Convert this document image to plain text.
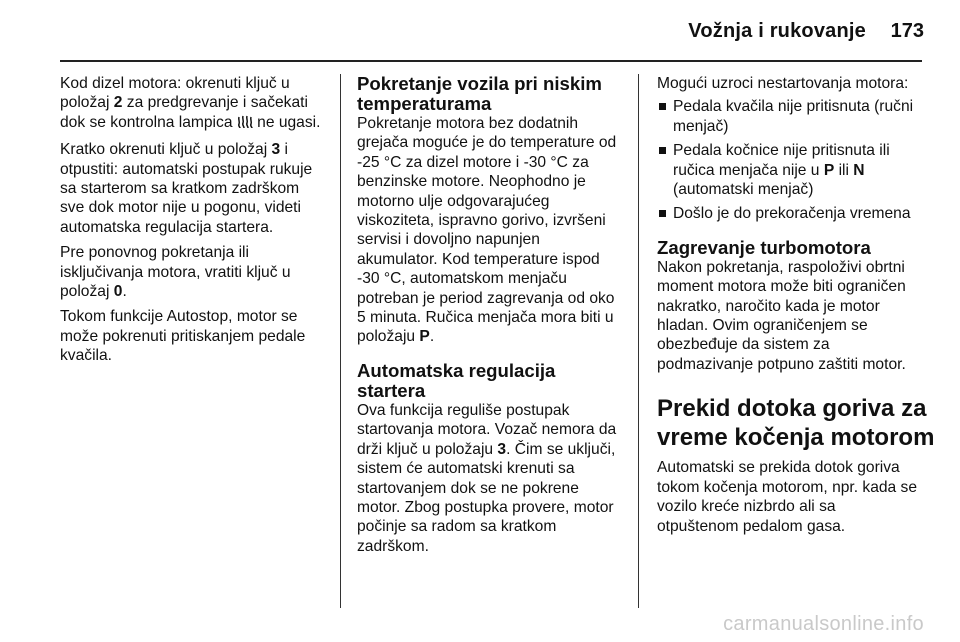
Vožnja i rukovanje 173

Kod dizel motora: okrenuti ključ u
položaj 2 za predgrevanje i sačekati
dok se kontrolna lampica  ne ugasi.

Kratko okrenuti ključ u položaj 3 i
otpustiti: automatski postupak rukuje
sa starterom sa kratkom zadrškom
sve dok motor nije u pogonu, videti
automatska regulacija startera.

Pre ponovnog pokretanja ili
isključivanja motora, vratiti ključ u
položaj 0.

Tokom funkcije Autostop, motor se
može pokrenuti pritiskanjem pedale
kvačila.

Pokretanje vozila pri niskim
temperaturama

Pokretanje motora bez dodatnih
grejača moguće je do temperature od
-25 °C za dizel motore i -30 °C za
benzinske motore. Neophodno je
motorno ulje odgovarajućeg
viskoziteta, ispravno gorivo, izvršeni
servisi i dovoljno napunjen
akumulator. Kod temperature ispod
-30 °C, automatskom menjaču
potreban je period zagrevanja od oko
5 minuta. Ručica menjača mora biti u
položaju P.

Automatska regulacija startera

Ova funkcija reguliše postupak
startovanja motora. Vozač nemora da
drži ključ u položaju 3. Čim se uključi,
sistem će automatski krenuti sa
startovanjem dok se ne pokrene
motor. Zbog postupka provere, motor
počinje sa radom sa kratkom
zadrškom.

Mogući uzroci nestartovanja motora:
Pedala kvačila nije pritisnuta (ručni
menjač)
Pedala kočnice nije pritisnuta ili
ručica menjača nije u P ili N
(automatski menjač)
Došlo je do prekoračenja vremena
Zagrevanje turbomotora

Nakon pokretanja, raspoloživi obrtni
moment motora može biti ograničen
nakratko, naročito kada je motor
hladan. Ovim ograničenjem se
obezbeđuje da sistem za
podmazivanje potpuno zaštiti motor.

Prekid dotoka goriva za
vreme kočenja motorom

Automatski se prekida dotok goriva
tokom kočenja motorom, npr. kada se
vozilo kreće nizbrdo ali sa
otpuštenom pedalom gasa.

carmanualsonline.info
